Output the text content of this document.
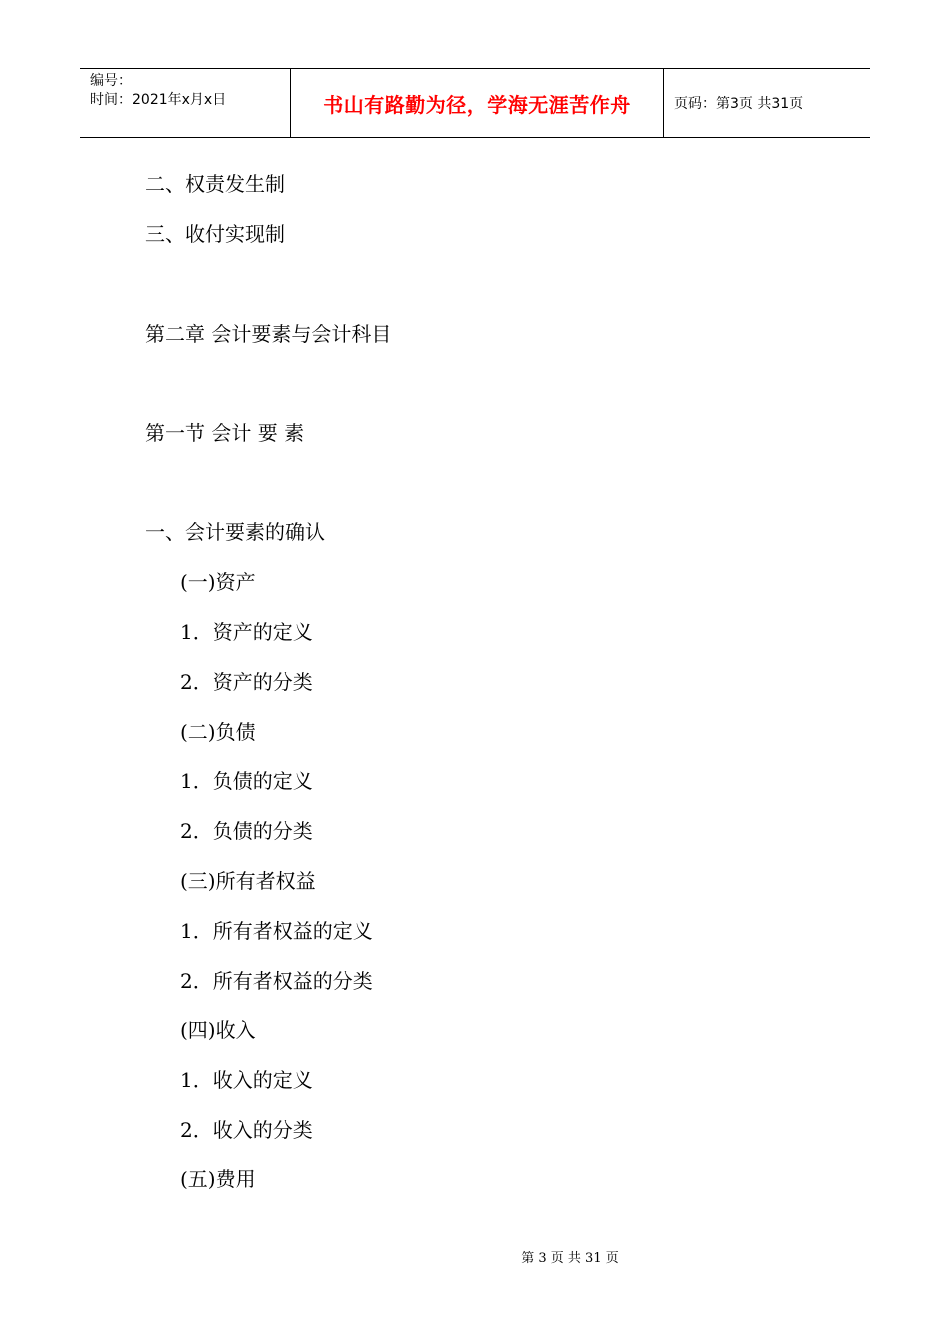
编号：
时间：2021年x月x日	书山有路勤为径，学海无涯苦作舟	页码：第3页 共31页
二、权责发生制
三、收付实现制
第二章 会计要素与会计科目
第一节 会计 要 素
一、会计要素的确认
(一)资产
1．资产的定义
2．资产的分类
(二)负债
1．负债的定义
2．负债的分类
(三)所有者权益
1．所有者权益的定义
2．所有者权益的分类
(四)收入
1．收入的定义
2．收入的分类
(五)费用
第 3 页 共 31 页
